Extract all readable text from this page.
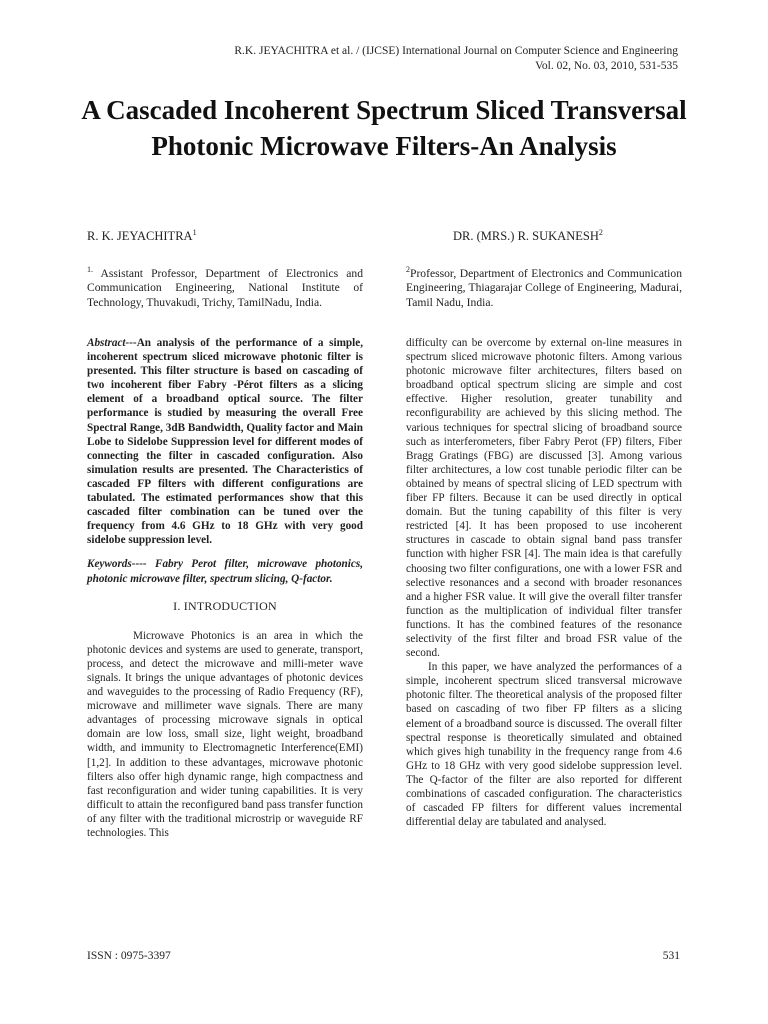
R.K. JEYACHITRA et al. / (IJCSE) International Journal on Computer Science and Engineering
Vol. 02, No. 03, 2010, 531-535
A Cascaded Incoherent Spectrum Sliced Transversal Photonic Microwave Filters-An Analysis
R. K. JEYACHITRA$^1$	DR. (MRS.) R. SUKANESH$^2$
$^{1.}$ Assistant Professor, Department of Electronics and Communication Engineering, National Institute of Technology, Thuvakudi, Trichy, TamilNadu, India.
$^2$Professor, Department of Electronics and Communication Engineering, Thiagarajar College of Engineering, Madurai, Tamil Nadu, India.

Abstract---An analysis of the performance of a simple, incoherent spectrum sliced microwave photonic filter is presented. This filter structure is based on cascading of two incoherent fiber Fabry -Pérot filters as a slicing element of a broadband optical source. The filter performance is studied by measuring the overall Free Spectral Range, 3dB Bandwidth, Quality factor and Main Lobe to Sidelobe Suppression level for different modes of connecting the filter in cascaded configuration. Also simulation results are presented. The Characteristics of cascaded FP filters with different configurations are tabulated. The estimated performances show that this cascaded filter combination can be tuned over the frequency from 4.6 GHz to 18 GHz with very good sidelobe suppression level.

Keywords---- Fabry Perot filter, microwave photonics, photonic microwave filter, spectrum slicing, Q-factor.

I. INTRODUCTION

Microwave Photonics is an area in which the photonic devices and systems are used to generate, transport, process, and detect the microwave and milli-meter wave signals. It brings the unique advantages of photonic devices and waveguides to the processing of Radio Frequency (RF), microwave and millimeter wave signals. There are many advantages of processing microwave signals in optical domain are low loss, small size, light weight, broadband width, and immunity to Electromagnetic Interference(EMI) [1,2]. In addition to these advantages, microwave photonic filters also offer high dynamic range, high compactness and fast reconfiguration and wider tuning capabilities. It is very difficult to attain the reconfigured band pass transfer function of any filter with the traditional microstrip or waveguide RF technologies. This

difficulty can be overcome by external on-line measures in spectrum sliced microwave photonic filters. Among various photonic microwave filter architectures, filters based on broadband optical spectrum slicing are simple and cost effective. Higher resolution, greater tunability and reconfigurability are achieved by this slicing method. The various techniques for spectral slicing of broadband source such as interferometers, fiber Fabry Perot (FP) filters, Fiber Bragg Gratings (FBG) are discussed [3]. Among various filter architectures, a low cost tunable periodic filter can be obtained by means of spectral slicing of LED spectrum with fiber FP filters. Because it can be used directly in optical domain. But the tuning capability of this filter is very restricted [4]. It has been proposed to use incoherent structures in cascade to obtain signal band pass transfer function with higher FSR [4]. The main idea is that carefully choosing two filter configurations, one with a lower FSR and selective resonances and a second with broader resonances and a higher FSR value. It will give the overall filter transfer function as the multiplication of individual filter transfer functions. It has the combined features of the resonance selectivity of the first filter and broad FSR value of the second.

In this paper, we have analyzed the performances of a simple, incoherent spectrum sliced transversal microwave photonic filter. The theoretical analysis of the proposed filter based on cascading of two fiber FP filters as a slicing element of a broadband source is discussed. The overall filter spectral response is theoretically simulated and obtained which gives high tunability in the frequency range from 4.6 GHz to 18 GHz with very good sidelobe suppression level. The Q-factor of the filter are also reported for different combinations of cascaded configuration. The characteristics of cascaded FP filters for different values incremental differential delay are tabulated and analysed.

ISSN : 0975-3397	531
